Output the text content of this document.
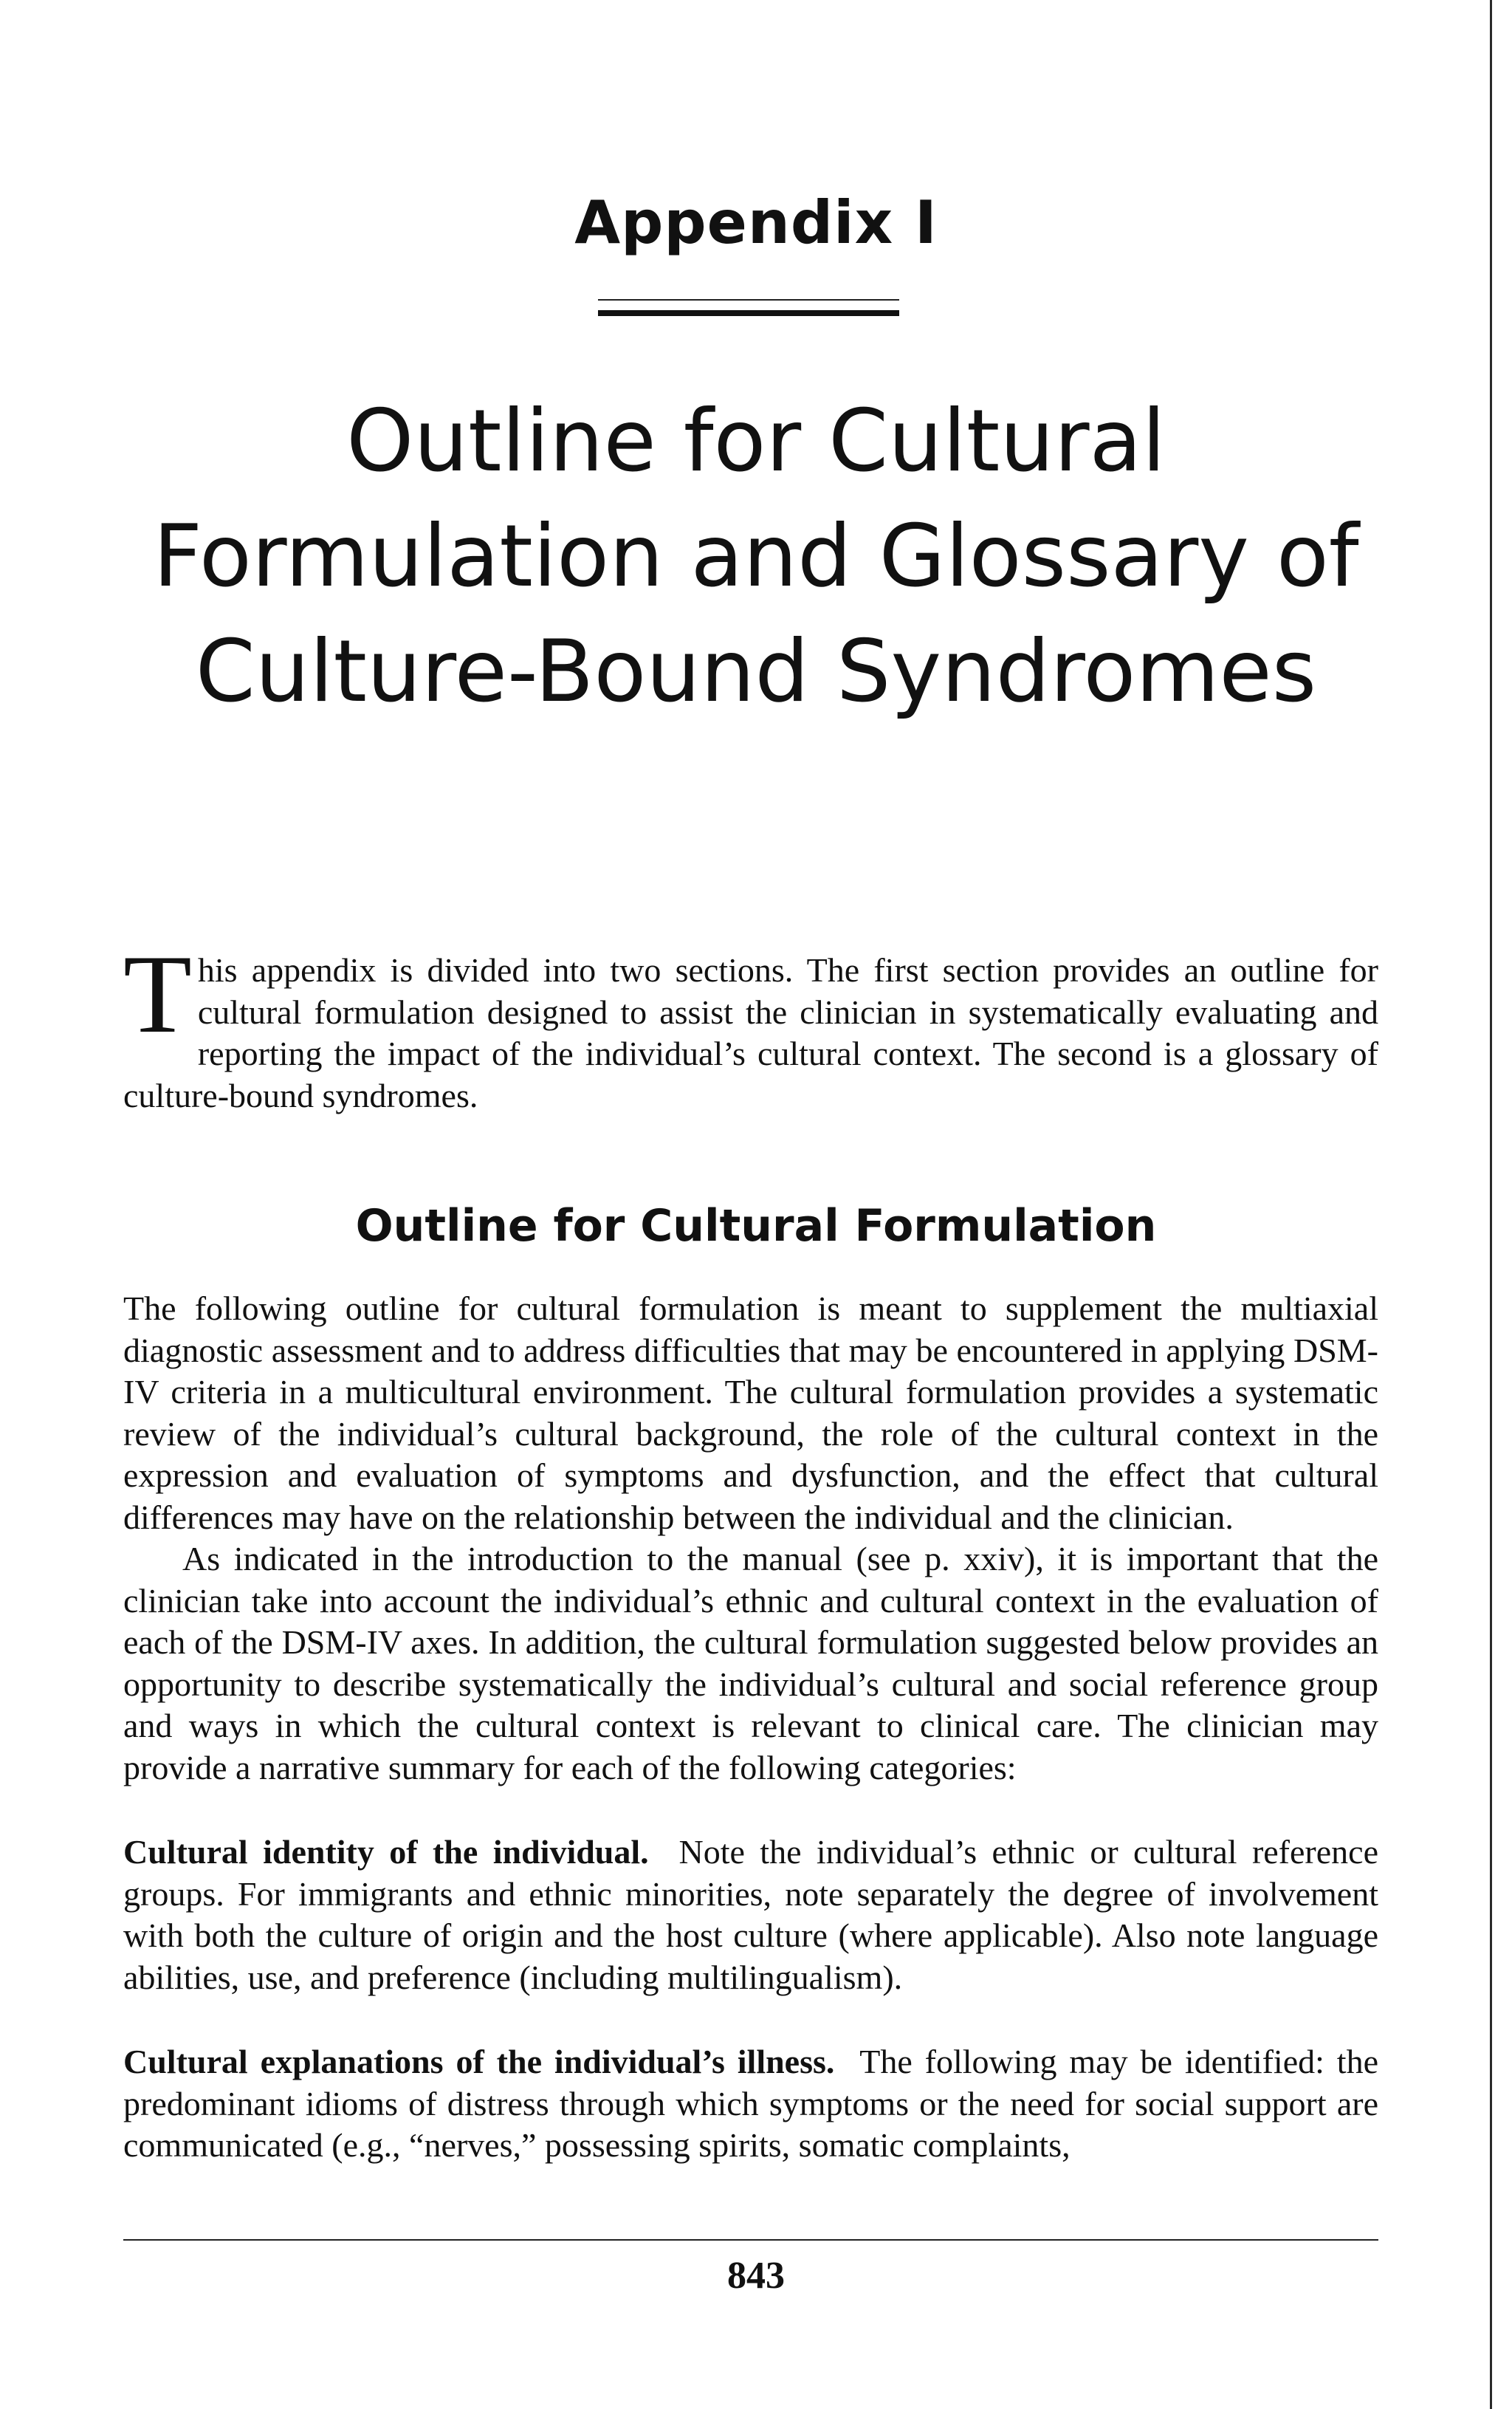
Appendix I
Outline for Cultural
Formulation and Glossary of
Culture-Bound Syndromes
This appendix is divided into two sections. The first section provides an outline for cultural formulation designed to assist the clinician in systematically evaluating and reporting the impact of the individual’s cultural context. The second is a glossary of culture-bound syndromes.
Outline for Cultural Formulation

The following outline for cultural formulation is meant to supplement the multiaxial diagnostic assessment and to address difficulties that may be encountered in applying DSM-IV criteria in a multicultural environment. The cultural formulation provides a systematic review of the individual’s cultural background, the role of the cultural context in the expression and evaluation of symptoms and dysfunction, and the effect that cultural differences may have on the relationship between the individual and the clinician.

As indicated in the introduction to the manual (see p. xxiv), it is important that the clinician take into account the individual’s ethnic and cultural context in the evaluation of each of the DSM-IV axes. In addition, the cultural formulation suggested below provides an opportunity to describe systematically the individual’s cultural and social reference group and ways in which the cultural context is relevant to clinical care. The clinician may provide a narrative summary for each of the following categories:

Cultural identity of the individual. Note the individual’s ethnic or cultural reference groups. For immigrants and ethnic minorities, note separately the degree of involvement with both the culture of origin and the host culture (where applicable). Also note language abilities, use, and preference (including multilingualism).

Cultural explanations of the individual’s illness. The following may be identified: the predominant idioms of distress through which symptoms or the need for social support are communicated (e.g., “nerves,” possessing spirits, somatic complaints,

843
